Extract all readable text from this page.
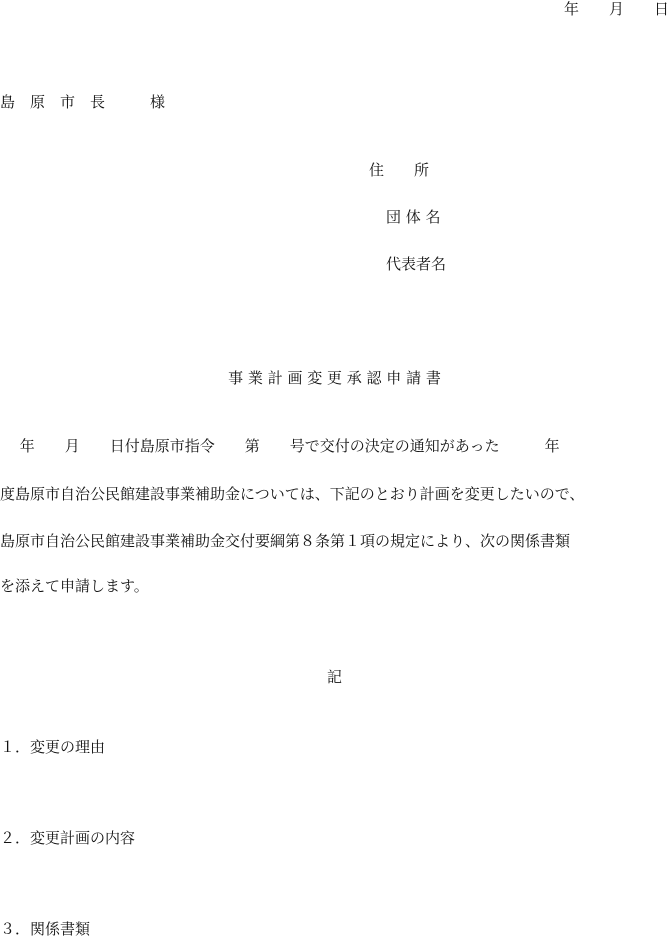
年　　月　　日
島　原　市　長　　　様
住　　所
団 体 名
代表者名
事 業 計 画 変 更 承 認 申 請 書
　 年　　月　　日付島原市指令　　第　　号で交付の決定の通知があった　　　年
度島原市自治公民館建設事業補助金については、下記のとおり計画を変更したいので、
島原市自治公民館建設事業補助金交付要綱第８条第１項の規定により、次の関係書類
を添えて申請します。
記
１．変更の理由
２．変更計画の内容
３．関係書類
